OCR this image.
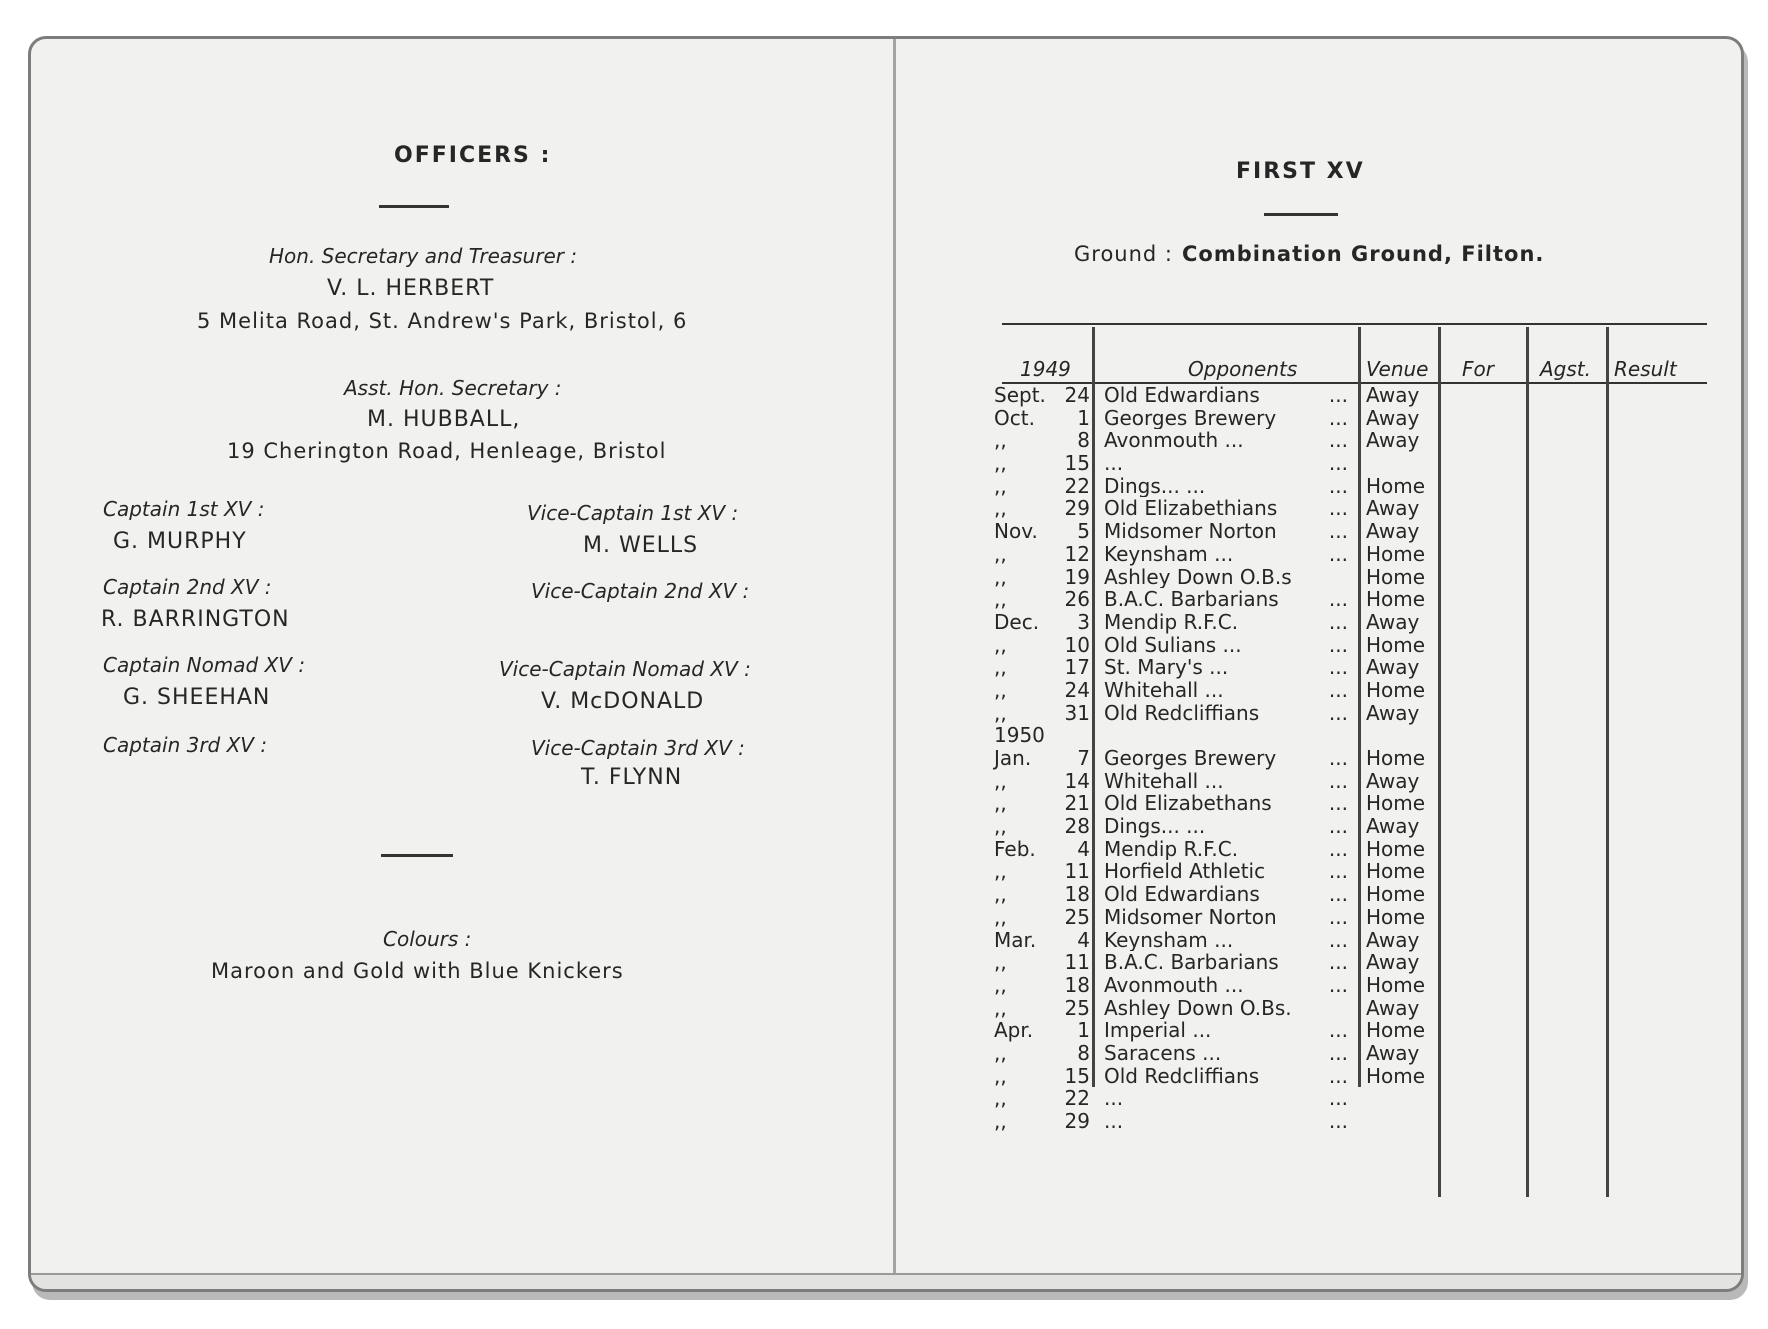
OFFICERS :
Hon. Secretary and Treasurer :
V. L. HERBERT
5 Melita Road, St. Andrew's Park, Bristol, 6
Asst. Hon. Secretary :
M. HUBBALL,
19 Cherington Road, Henleage, Bristol
Captain 1st XV :
G. MURPHY
Captain 2nd XV :
R. BARRINGTON
Captain Nomad XV :
G. SHEEHAN
Captain 3rd XV :
Vice-Captain 1st XV :
M. WELLS
Vice-Captain 2nd XV :
Vice-Captain Nomad XV :
V. McDONALD
Vice-Captain 3rd XV :
T. FLYNN
Colours :
Maroon and Gold with Blue Knickers
FIRST XV
Ground : Combination Ground, Filton.
1949	Opponents	Venue For Agst. Result
Sept. 24 Old Edwardians	... Away
Oct.	1 Georges Brewery	... Away
,,	8 Avonmouth ...	... Away
,,	15 ...	...
,,	22 Dings... ...	... Home
,,	29 Old Elizabethians	... Away
Nov.	5 Midsomer Norton	... Away
,,	12 Keynsham ...	... Home
,,	19 Ashley Down O.B.s	Home
,,	26 B.A.C. Barbarians	... Home
Dec.	3 Mendip R.F.C.	... Away
,,	10 Old Sulians ...	... Home
,,	17 St. Mary's ...	... Away
,,	24 Whitehall ...	... Home
,,	31 Old Redcliffians	... Away
1950
Jan.	7 Georges Brewery	... Home
,,	14 Whitehall ...	... Away
,,	21 Old Elizabethans	... Home
,,	28 Dings... ...	... Away
Feb.	4 Mendip R.F.C.	... Home
,,	11 Horfield Athletic	... Home
,,	18 Old Edwardians	... Home
,,	25 Midsomer Norton	... Home
Mar.	4 Keynsham ...	... Away
,,	11 B.A.C. Barbarians	... Away
,,	18 Avonmouth ...	... Home
,,	25 Ashley Down O.Bs.	Away
Apr.	1 Imperial ...	... Home
,,	8 Saracens ...	... Away
,,	15 Old Redcliffians	... Home
,,	22 ...	...
,,	29 ...	...
